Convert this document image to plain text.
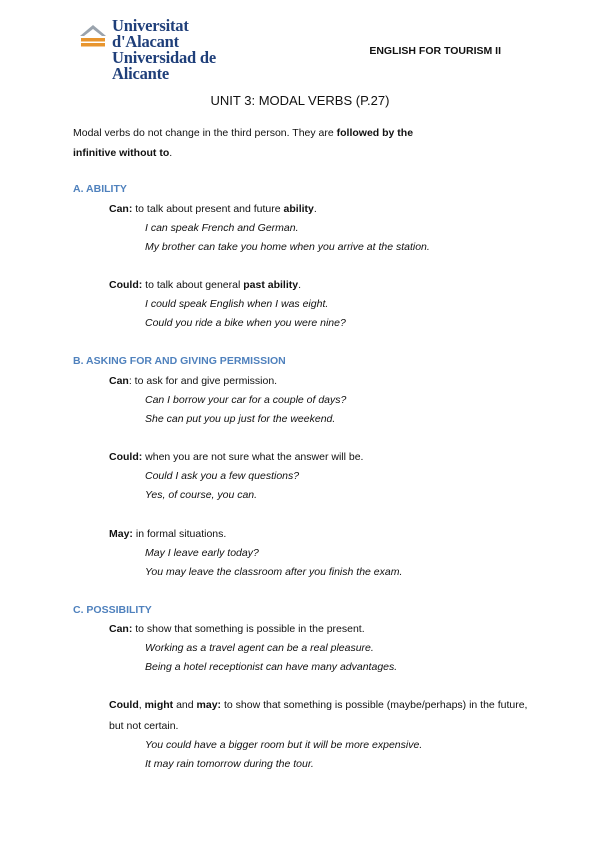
Universitat d'Alacant
Universidad de Alicante
ENGLISH FOR TOURISM II
UNIT 3: MODAL VERBS (P.27)
Modal verbs do not change in the third person. They are followed by the infinitive without to.
A. ABILITY
Can: to talk about present and future ability.
I can speak French and German.
My brother can take you home when you arrive at the station.
Could: to talk about general past ability.
I could speak English when I was eight.
Could you ride a bike when you were nine?
B. ASKING FOR AND GIVING PERMISSION
Can: to ask for and give permission.
Can I borrow your car for a couple of days?
She can put you up just for the weekend.
Could: when you are not sure what the answer will be.
Could I ask you a few questions?
Yes, of course, you can.
May: in formal situations.
May I leave early today?
You may leave the classroom after you finish the exam.
C. POSSIBILITY
Can: to show that something is possible in the present.
Working as a travel agent can be a real pleasure.
Being a hotel receptionist can have many advantages.
Could, might and may: to show that something is possible (maybe/perhaps) in the future, but not certain.
You could have a bigger room but it will be more expensive.
It may rain tomorrow during the tour.
